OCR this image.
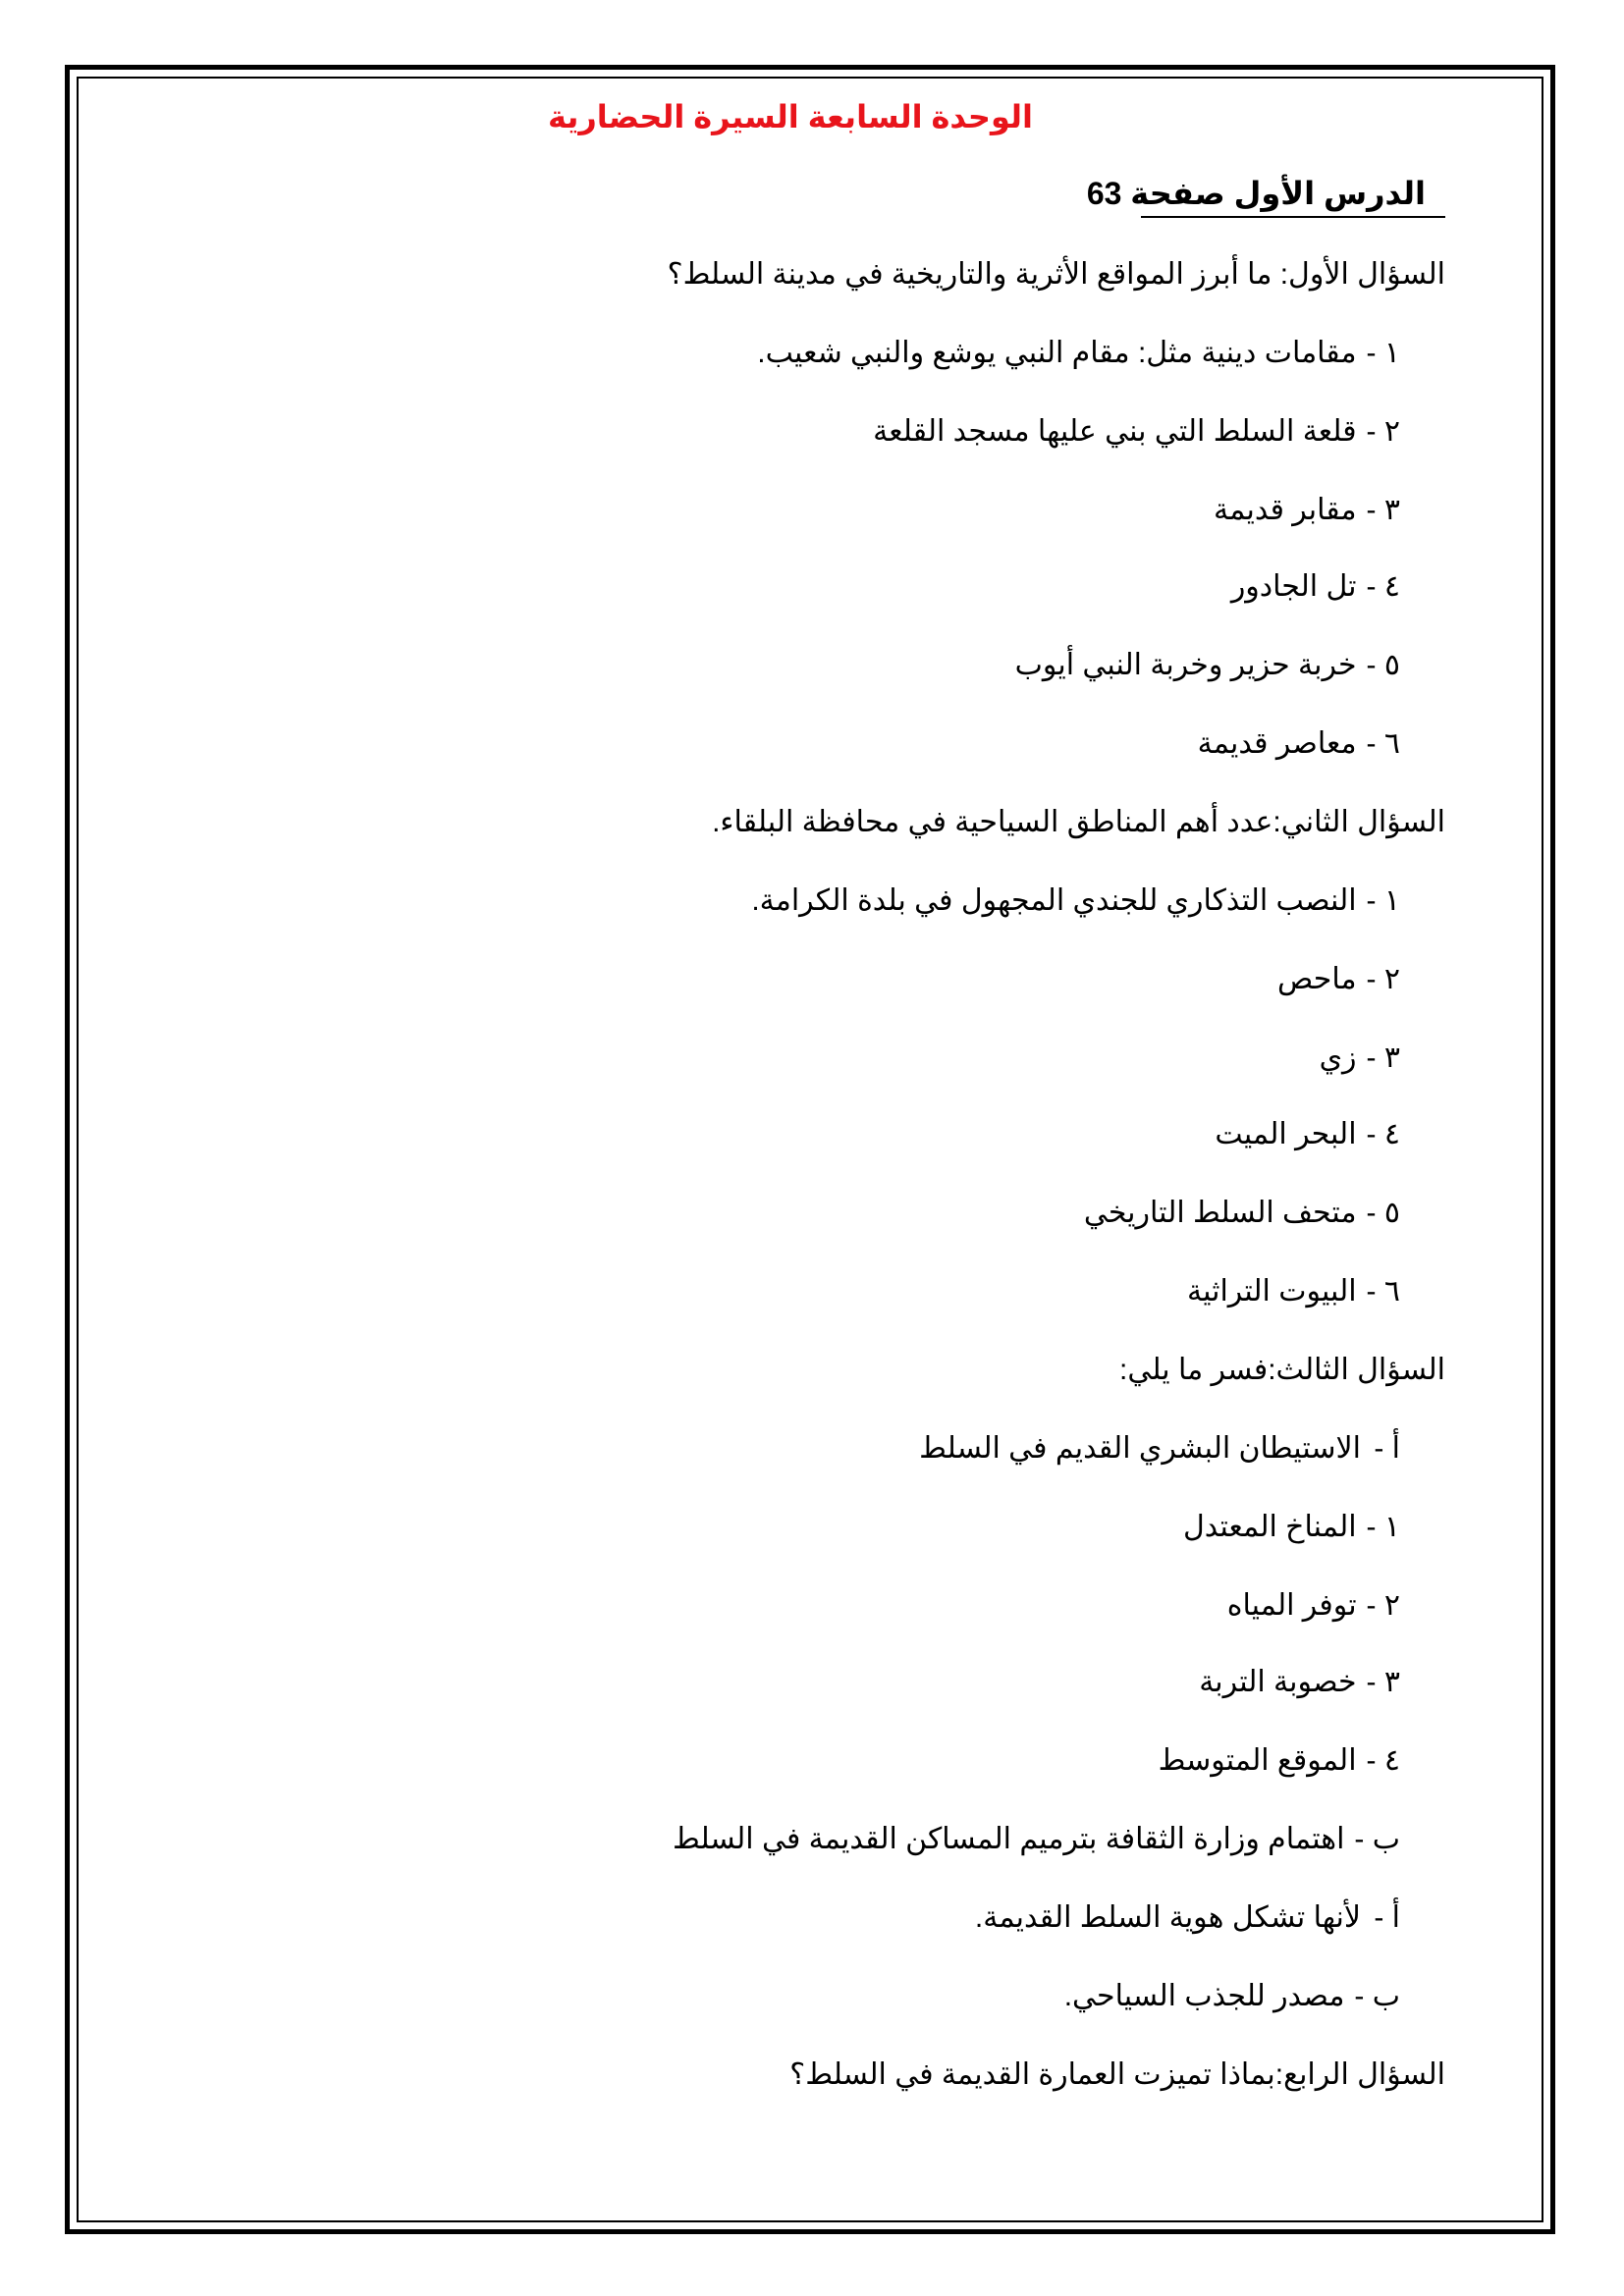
الوحدة السابعة السيرة الحضارية
الدرس الأول صفحة 63
السؤال الأول: ما أبرز المواقع الأثرية والتاريخية في مدينة السلط؟
١ -مقامات دينية مثل: مقام النبي يوشع والنبي شعيب.
٢ -قلعة السلط التي بني عليها مسجد القلعة
٣ -مقابر قديمة
٤ -تل الجادور
٥ -خربة حزير وخربة النبي أيوب
٦ -معاصر قديمة
السؤال الثاني:عدد أهم المناطق السياحية في محافظة البلقاء.
١ -النصب التذكاري للجندي المجهول في بلدة الكرامة.
٢ -ماحص
٣ -زي
٤ -البحر الميت
٥ -متحف السلط التاريخي
٦ -البيوت التراثية
السؤال الثالث:فسر ما يلي:
أ -الاستيطان البشري القديم في السلط
١ -المناخ المعتدل
٢ -توفر المياه
٣ -خصوبة التربة
٤ -الموقع المتوسط
ب -اهتمام وزارة الثقافة بترميم المساكن القديمة في السلط
أ -لأنها تشكل هوية السلط القديمة.
ب -مصدر للجذب السياحي.
السؤال الرابع:بماذا تميزت العمارة القديمة في السلط؟
